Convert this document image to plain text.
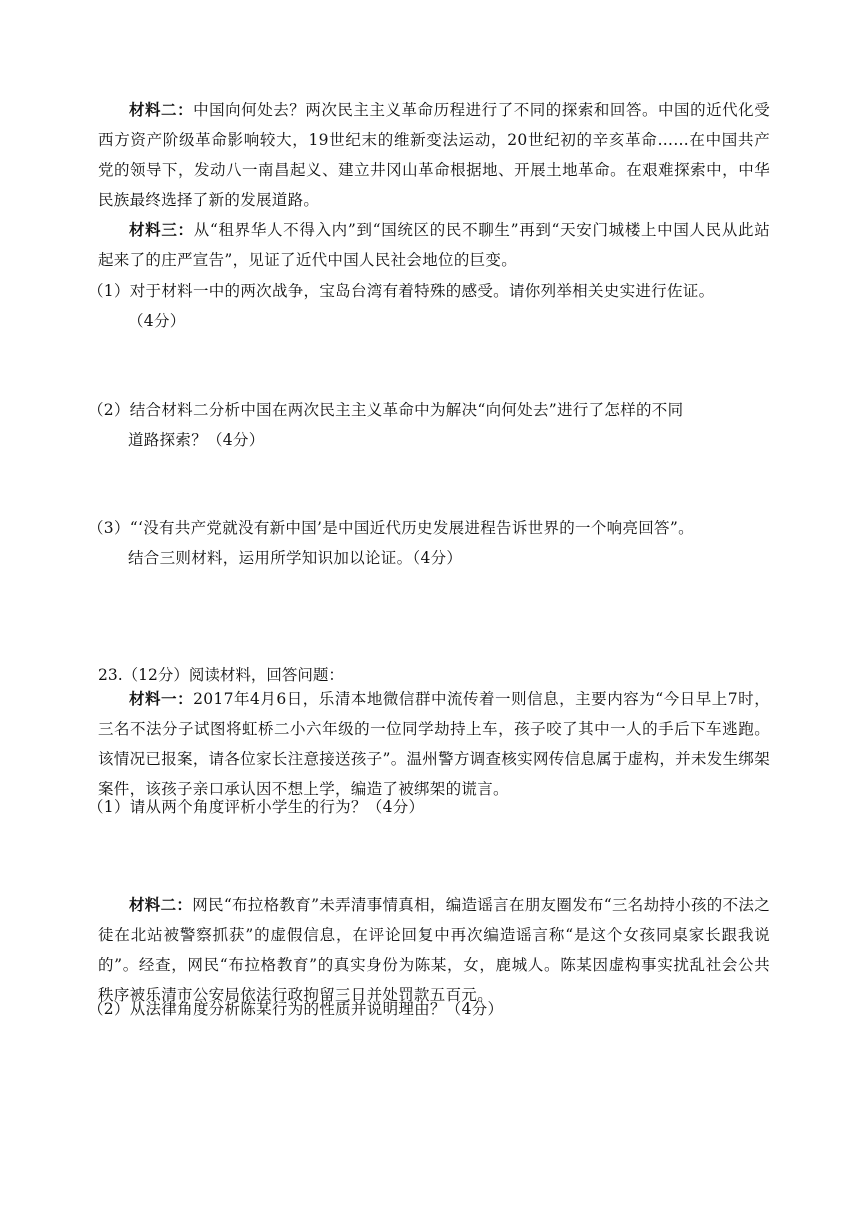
材料二：中国向何处去？两次民主主义革命历程进行了不同的探索和回答。中国的近代化受西方资产阶级革命影响较大，19世纪末的维新变法运动，20世纪初的辛亥革命……在中国共产党的领导下，发动八一南昌起义、建立井冈山革命根据地、开展土地革命。在艰难探索中，中华民族最终选择了新的发展道路。

材料三：从“租界华人不得入内”到“国统区的民不聊生”再到“天安门城楼上中国人民从此站起来了的庄严宣告”，见证了近代中国人民社会地位的巨变。

（1）对于材料一中的两次战争，宝岛台湾有着特殊的感受。请你列举相关史实进行佐证。
（4分）
（2）结合材料二分析中国在两次民主主义革命中为解决“向何处去”进行了怎样的不同
道路探索？（4分）
（3）“‘没有共产党就没有新中国’是中国近代历史发展进程告诉世界的一个响亮回答”。
结合三则材料，运用所学知识加以论证。（4分）

23.（12分）阅读材料，回答问题：

材料一：2017年4月6日，乐清本地微信群中流传着一则信息，主要内容为“今日早上7时，三名不法分子试图将虹桥二小六年级的一位同学劫持上车，孩子咬了其中一人的手后下车逃跑。该情况已报案，请各位家长注意接送孩子”。温州警方调查核实网传信息属于虚构，并未发生绑架案件，该孩子亲口承认因不想上学，编造了被绑架的谎言。

（1）请从两个角度评析小学生的行为？（4分）

材料二：网民“布拉格教育”未弄清事情真相，编造谣言在朋友圈发布“三名劫持小孩的不法之徒在北站被警察抓获”的虚假信息，在评论回复中再次编造谣言称“是这个女孩同桌家长跟我说的”。经查，网民“布拉格教育”的真实身份为陈某，女，鹿城人。陈某因虚构事实扰乱社会公共秩序被乐清市公安局依法行政拘留三日并处罚款五百元。

（2）从法律角度分析陈某行为的性质并说明理由？（4分）
